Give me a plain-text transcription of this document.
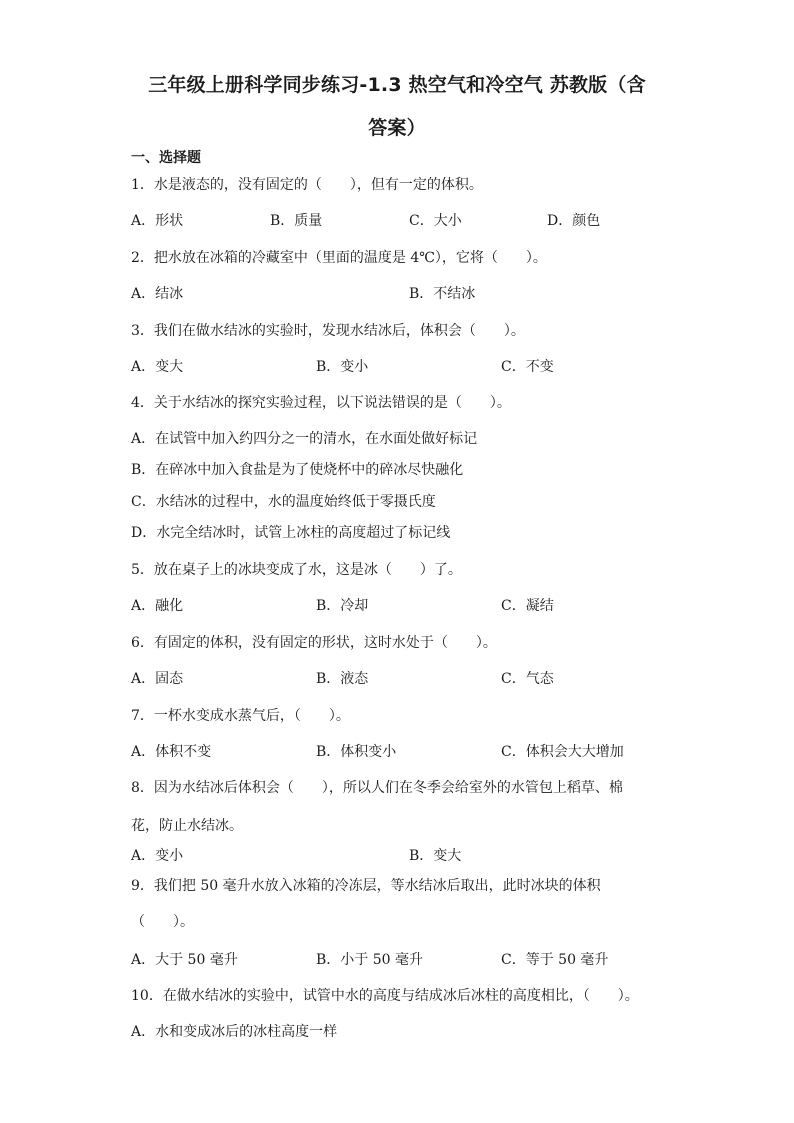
三年级上册科学同步练习-1.3 热空气和冷空气 苏教版（含
答案）
一、选择题
1．水是液态的，没有固定的（　　），但有一定的体积。
A．形状	B．质量	C．大小	D．颜色
2．把水放在冰箱的冷藏室中（里面的温度是 4℃），它将（　　）。
A．结冰	B．不结冰
3．我们在做水结冰的实验时，发现水结冰后，体积会（　　）。
A．变大	B．变小	C．不变
4．关于水结冰的探究实验过程，以下说法错误的是（　　）。
A．在试管中加入约四分之一的清水，在水面处做好标记
B．在碎冰中加入食盐是为了使烧杯中的碎冰尽快融化
C．水结冰的过程中，水的温度始终低于零摄氏度
D．水完全结冰时，试管上冰柱的高度超过了标记线
5．放在桌子上的冰块变成了水，这是冰（　　）了。
A．融化	B．冷却	C．凝结
6．有固定的体积，没有固定的形状，这时水处于（　　）。
A．固态	B．液态	C．气态
7．一杯水变成水蒸气后，（　　）。
A．体积不变	B．体积变小	C．体积会大大增加
8．因为水结冰后体积会（　　），所以人们在冬季会给室外的水管包上稻草、棉
花，防止水结冰。
A．变小	B．变大
9．我们把 50 毫升水放入冰箱的冷冻层，等水结冰后取出，此时冰块的体积
（　　）。
A．大于 50 毫升	B．小于 50 毫升	C．等于 50 毫升
10．在做水结冰的实验中，试管中水的高度与结成冰后冰柱的高度相比，（　　）。
A．水和变成冰后的冰柱高度一样
